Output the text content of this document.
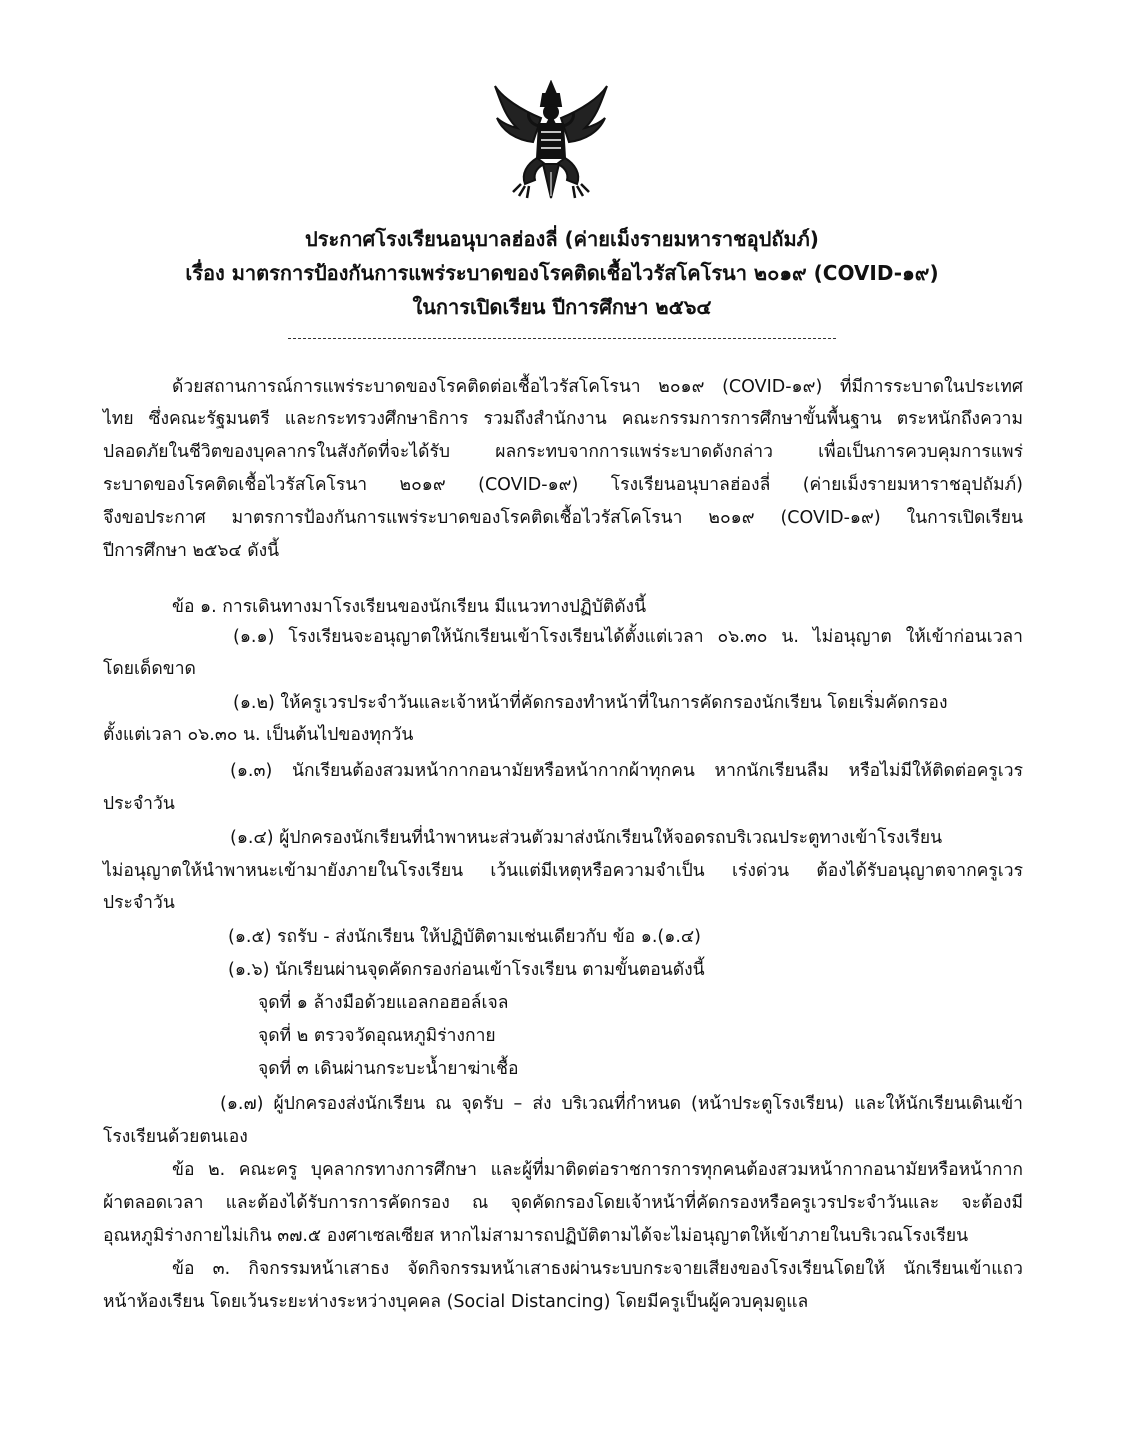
ประกาศโรงเรียนอนุบาลฮ่องลี่ (ค่ายเม็งรายมหาราชอุปถัมภ์)
เรื่อง มาตรการป้องกันการแพร่ระบาดของโรคติดเชื้อไวรัสโคโรนา ๒๐๑๙ (COVID-๑๙)
ในการเปิดเรียน ปีการศึกษา ๒๕๖๔
ด้วยสถานการณ์การแพร่ระบาดของโรคติดต่อเชื้อไวรัสโคโรนา ๒๐๑๙ (COVID-๑๙) ที่มีการระบาดในประเทศ
ไทย ซึ่งคณะรัฐมนตรี และกระทรวงศึกษาธิการ รวมถึงสำนักงาน คณะกรรมการการศึกษาขั้นพื้นฐาน ตระหนักถึงความ
ปลอดภัยในชีวิตของบุคลากรในสังกัดที่จะได้รับ ผลกระทบจากการแพร่ระบาดดังกล่าว เพื่อเป็นการควบคุมการแพร่
ระบาดของโรคติดเชื้อไวรัสโคโรนา ๒๐๑๙ (COVID-๑๙) โรงเรียนอนุบาลฮ่องลี่ (ค่ายเม็งรายมหาราชอุปถัมภ์)
จึงขอประกาศ มาตรการป้องกันการแพร่ระบาดของโรคติดเชื้อไวรัสโคโรนา ๒๐๑๙ (COVID-๑๙) ในการเปิดเรียน
ปีการศึกษา ๒๕๖๔ ดังนี้
ข้อ ๑. การเดินทางมาโรงเรียนของนักเรียน มีแนวทางปฏิบัติดังนี้
(๑.๑) โรงเรียนจะอนุญาตให้นักเรียนเข้าโรงเรียนได้ตั้งแต่เวลา ๐๖.๓๐ น. ไม่อนุญาต ให้เข้าก่อนเวลา
โดยเด็ดขาด
(๑.๒) ให้ครูเวรประจำวันและเจ้าหน้าที่คัดกรองทำหน้าที่ในการคัดกรองนักเรียน โดยเริ่มคัดกรอง
ตั้งแต่เวลา ๐๖.๓๐ น. เป็นต้นไปของทุกวัน
(๑.๓) นักเรียนต้องสวมหน้ากากอนามัยหรือหน้ากากผ้าทุกคน หากนักเรียนลืม หรือไม่มีให้ติดต่อครูเวร
ประจำวัน
(๑.๔) ผู้ปกครองนักเรียนที่นำพาหนะส่วนตัวมาส่งนักเรียนให้จอดรถบริเวณประตูทางเข้าโรงเรียน
ไม่อนุญาตให้นำพาหนะเข้ามายังภายในโรงเรียน เว้นแต่มีเหตุหรือความจำเป็น เร่งด่วน ต้องได้รับอนุญาตจากครูเวร
ประจำวัน
(๑.๕) รถรับ - ส่งนักเรียน ให้ปฏิบัติตามเช่นเดียวกับ ข้อ ๑.(๑.๔)
(๑.๖) นักเรียนผ่านจุดคัดกรองก่อนเข้าโรงเรียน ตามขั้นตอนดังนี้
จุดที่ ๑ ล้างมือด้วยแอลกอฮอล์เจล
จุดที่ ๒ ตรวจวัดอุณหภูมิร่างกาย
จุดที่ ๓ เดินผ่านกระบะน้ำยาฆ่าเชื้อ
(๑.๗) ผู้ปกครองส่งนักเรียน ณ จุดรับ – ส่ง บริเวณที่กำหนด (หน้าประตูโรงเรียน) และให้นักเรียนเดินเข้า
โรงเรียนด้วยตนเอง
ข้อ ๒. คณะครู บุคลากรทางการศึกษา และผู้ที่มาติดต่อราชการการทุกคนต้องสวมหน้ากากอนามัยหรือหน้ากาก
ผ้าตลอดเวลา และต้องได้รับการการคัดกรอง ณ จุดคัดกรองโดยเจ้าหน้าที่คัดกรองหรือครูเวรประจำวันและ จะต้องมี
อุณหภูมิร่างกายไม่เกิน ๓๗.๕ องศาเซลเซียส หากไม่สามารถปฏิบัติตามได้จะไม่อนุญาตให้เข้าภายในบริเวณโรงเรียน
ข้อ ๓. กิจกรรมหน้าเสาธง จัดกิจกรรมหน้าเสาธงผ่านระบบกระจายเสียงของโรงเรียนโดยให้ นักเรียนเข้าแถว
หน้าห้องเรียน โดยเว้นระยะห่างระหว่างบุคคล (Social Distancing) โดยมีครูเป็นผู้ควบคุมดูแล
